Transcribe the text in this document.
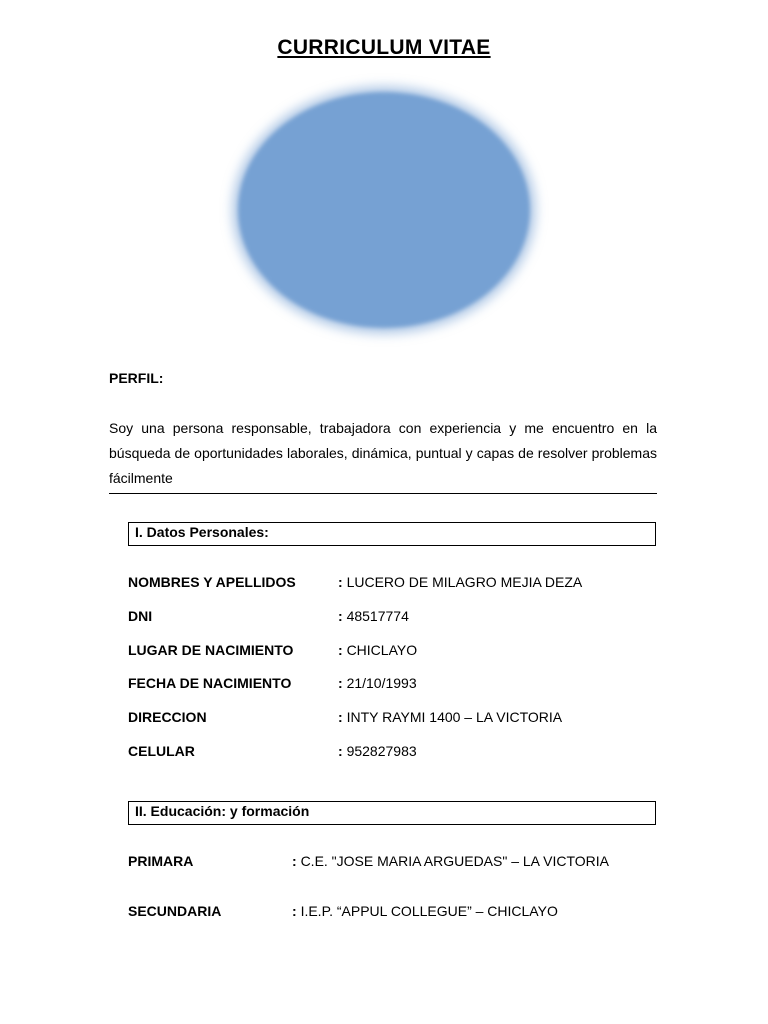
CURRICULUM VITAE
PERFIL:
Soy una persona responsable, trabajadora con experiencia y me encuentro en la búsqueda de oportunidades laborales, dinámica, puntual y capas de resolver problemas fácilmente
I. Datos Personales:
NOMBRES Y APELLIDOS	: LUCERO DE MILAGRO MEJIA DEZA
DNI	: 48517774
LUGAR DE NACIMIENTO	: CHICLAYO
FECHA DE NACIMIENTO	: 21/10/1993
DIRECCION	: INTY RAYMI 1400 – LA VICTORIA
CELULAR	: 952827983
II. Educación: y formación
PRIMARA	: C.E. "JOSE MARIA ARGUEDAS" – LA VICTORIA
SECUNDARIA	: I.E.P. “APPUL COLLEGUE” – CHICLAYO
